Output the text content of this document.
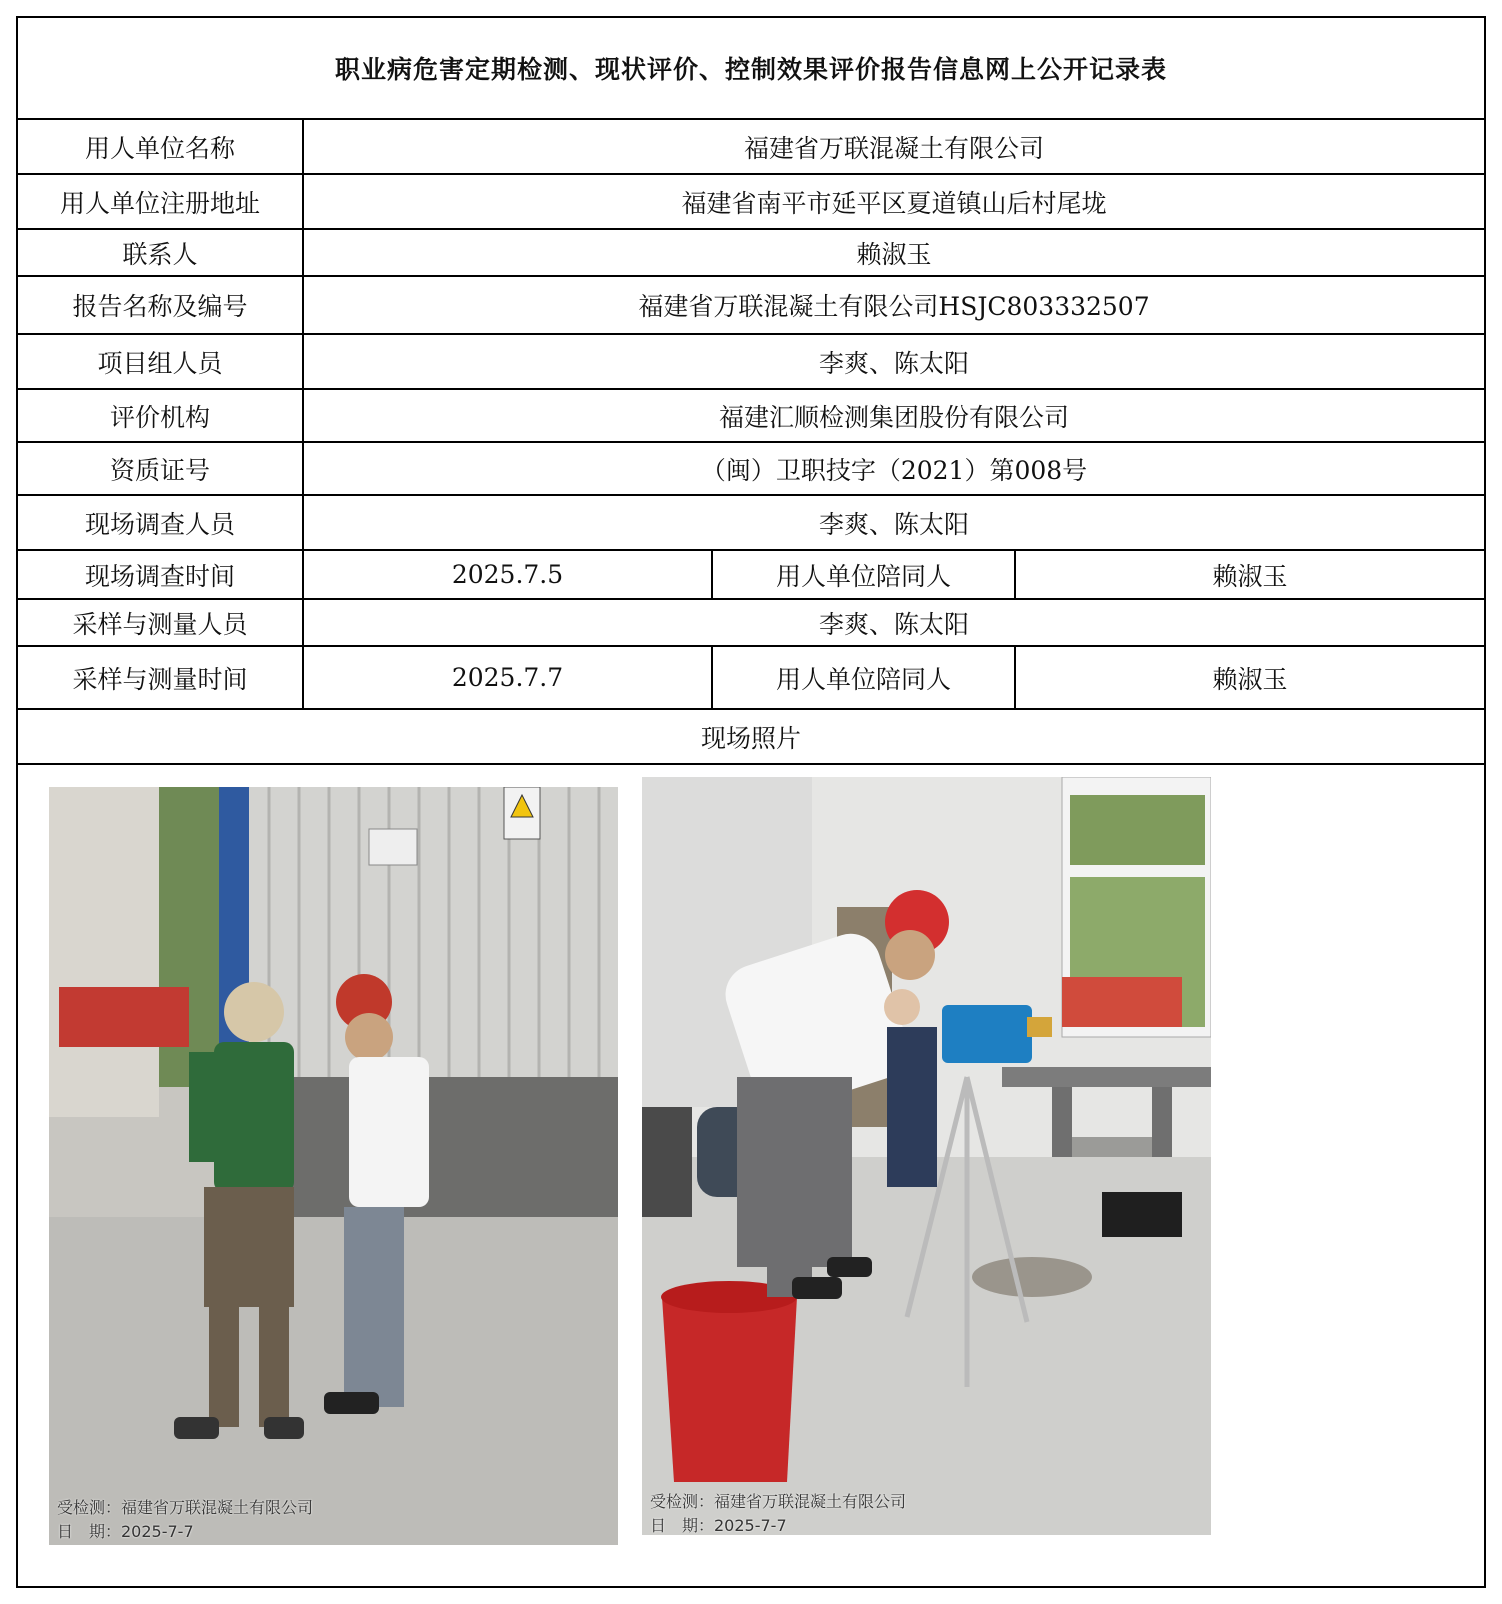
职业病危害定期检测、现状评价、控制效果评价报告信息网上公开记录表			
用人单位名称	福建省万联混凝土有限公司		
用人单位注册地址	福建省南平市延平区夏道镇山后村尾垅		
联系人	赖淑玉		
报告名称及编号	福建省万联混凝土有限公司HSJC803332507		
项目组人员	李爽、陈太阳		
评价机构	福建汇顺检测集团股份有限公司		
资质证号	（闽）卫职技字（2021）第008号		
现场调查人员	李爽、陈太阳		
现场调查时间	2025.7.5	用人单位陪同人	赖淑玉
采样与测量人员	李爽、陈太阳		
采样与测量时间	2025.7.7	用人单位陪同人	赖淑玉
现场照片			

受检测：福建省万联混凝土有限公司
日　期：2025-7-7
受检测：福建省万联混凝土有限公司
日　期：2025-7-7			
